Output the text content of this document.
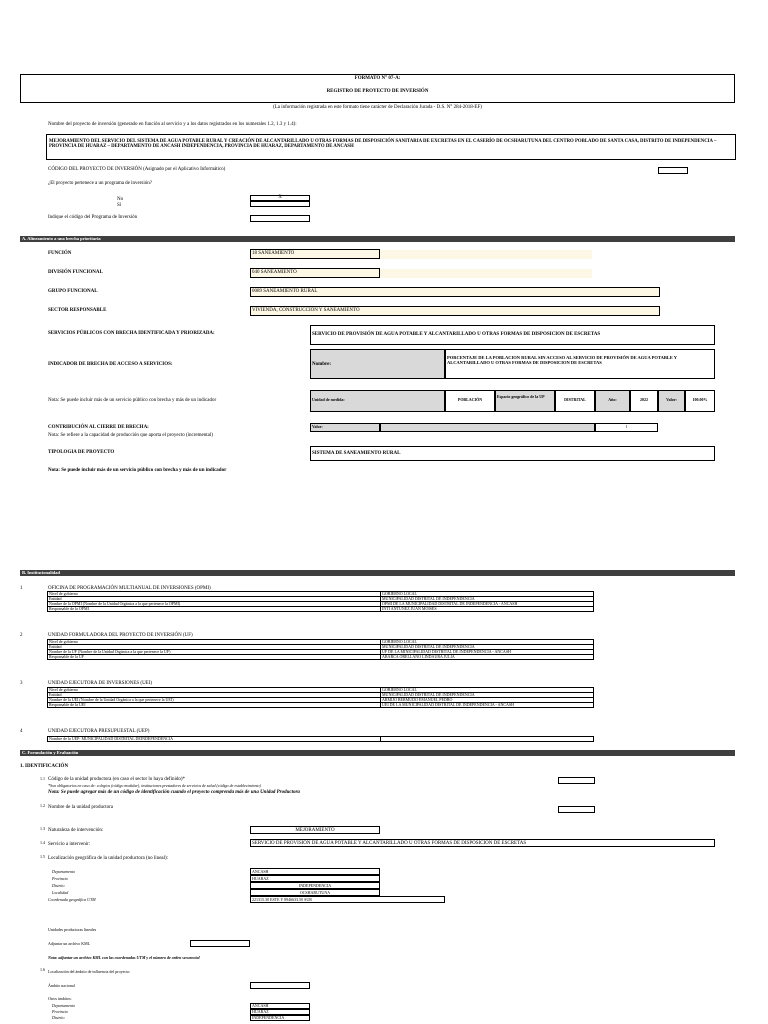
FORMATO N° 07-A:
REGISTRO DE PROYECTO DE INVERSIÓN
(La información registrada en este formato tiene carácter de Declaración Jurada - D.S. N° 284-2018-EF)
Nombre del proyecto de inversión (generado en función al servicio y a los datos registrados en los numerales 1.2, 1.3 y 1.4):
MEJORAMIENTO DEL SERVICIO DEL SISTEMA DE AGUA POTABLE RURAL Y CREACIÓN DE ALCANTARILLADO U OTRAS FORMAS DE DISPOSICIÓN SANITARIA DE EXCRETAS EN EL CASERÍO DE OCSHARUTUNA DEL CENTRO POBLADO DE SANTA CASA, DISTRITO DE INDEPENDENCIA – PROVINCIA DE HUARAZ – DEPARTAMENTO DE ANCASH INDEPENDENCIA, PROVINCIA DE HUARAZ, DEPARTAMENTO DE ANCASH
CÓDIGO DEL PROYECTO DE INVERSIÓN (Asignado por el Aplicativo Informático)
¿El proyecto pertenece a un programa de inversión?
No
Sí
X
Indique el código del Programa de Inversión
A. Alineamiento a una brecha prioritaria
FUNCIÓN	18 SANEAMIENTO
DIVISIÓN FUNCIONAL	040 SANEAMIENTO
GRUPO FUNCIONAL	0089 SANEAMIENTO RURAL
SECTOR RESPONSABLE	VIVIENDA, CONSTRUCCIÓN Y SANEAMIENTO
SERVICIOS PÚBLICOS CON BRECHA IDENTIFICADA Y PRIORIZADA:	SERVICIO DE PROVISIÓN DE AGUA POTABLE Y ALCANTARILLADO U OTRAS FORMAS DE DISPOSICION DE ESCRETAS
INDICADOR DE BRECHA DE ACCESO A SERVICIOS:	Nombre:
PORCENTAJE DE LA POBLACION RURAL SIN ACCESO AL SERVICIO DE PROVISIÓN DE AGUA POTABLE Y ALCANTARILLADO U OTRAS FORMAS DE DISPOSICION DE ESCRETAS
Nota: Se puede incluir más de un servicio público con brecha y más de un indicador	Unidad de medida:	POBLACIÓN
Espacio geográfico de la UP
DISTRITAL	Año:	2022	Valor:	100.00%
CONTRIBUCIÓN AL CIERRE DE BRECHA:
Nota: Se refiere a la capacidad de producción que aporta el proyecto (incremental)
Valor:	1
TIPOLOGIA DE PROYECTO	SISTEMA DE SANEAMIENTO RURAL
Nota: Se puede incluir más de un servicio público con brecha y más de un indicador
B. Institucionalidad
1	OFICINA DE PROGRAMACIÓN MULTIANUAL DE INVERSIONES (OPMI)
Nivel de gobierno	GOBIERNO LOCAL
Entidad	MUNICIPALIDAD DISTRITAL DE INDEPENDENCIA
Nombre de la OPMI (Nombre de la Unidad Orgánica a la que pertenece la OPMI)	OPMI DE LA MUNICIPALIDAD DISTRITAL DE INDEPENDENCIA - ANCASH
Responsable de la OPMI	INTI ANTUNEZ JUAN MOISES
2	UNIDAD FORMULADORA DEL PROYECTO DE INVERSIÓN (UF)
Nivel de gobierno	GOBIERNO LOCAL
Entidad	MUNICIPALIDAD DISTRITAL DE INDEPENDENCIA
Nombre de la UF (Nombre de la Unidad Orgánica a la que pertenece la UF)	UF DE LA MINICIPALIDAD DISTRITAL DE INDEPENDENCIA - ANCASH
Responsable de la UF	ABARCA ORELLANO LINDAURA JULIA
3	UNIDAD EJECUTORA DE INVERSIONES (UEI)
Nivel de gobierno	GOBIERNO LOCAL
Entidad	MUNICIPALIDAD DISTRITAL DE INDEPENDENCIA
Nombre de la UEI (Nombre de la Unidad Orgánica a la que pertenece la UEI)	ARMIJO BERMUDO EMANUEL PEDRO
Responsable de la UEI	UEI DE LA MUNICIPALIDAD DISTRITAL DE INDEPENDENCIA - ANCASH
4	UNIDAD EJECUTORA PRESUPUESTAL (UEP)
Nombre de la UEP: MUNICIPALIDAD DISTRITAL DEINDEPENDENCIA	
C. Formulación y Evaluación
1. IDENTIFICACIÓN
1.1 Código de la unidad productora (en caso el sector lo haya definido)*
*Son obligatorios en caso de: colegios (código modular), instituciones prestadores de servicios de salud (código de establecimiento)
Nota: Se puede agregar más de un código de identificación cuando el proyecto comprenda más de una Unidad Productora
1.2 Nombre de la unidad productora
1.3 Naturaleza de intervención:	MEJORAMIENTO
1.4 Servicio a intervenir:	SERVICIO DE PROVISIÓN DE AGUA POTABLE Y ALCANTARILLADO U OTRAS FORMAS DE DISPOSICION DE ESCRETAS
1.5 Localización geográfica de la unidad productora (no lineal):
Departamento	ANCASH
Provincia	HUARAZ
Distrito	INDEPENDENCIA
Localidad	OCSHARUTUNA
Coordenada geográfica UTM	221315.30 ESTE Y 8946633.50 SUR
Unidades productoras lineales
Adjuntar un archivo KML
Nota: adjuntar un archivo KML con las coordenadas UTM y el número de orden secuencial
1.6 Localización del ámbito de influencia del proyecto:
Ámbito nacional
Otros ámbitos:
Departamento	ANCASH
Provincia	HUARAZ
Distrito	INDEPENDENCIA
